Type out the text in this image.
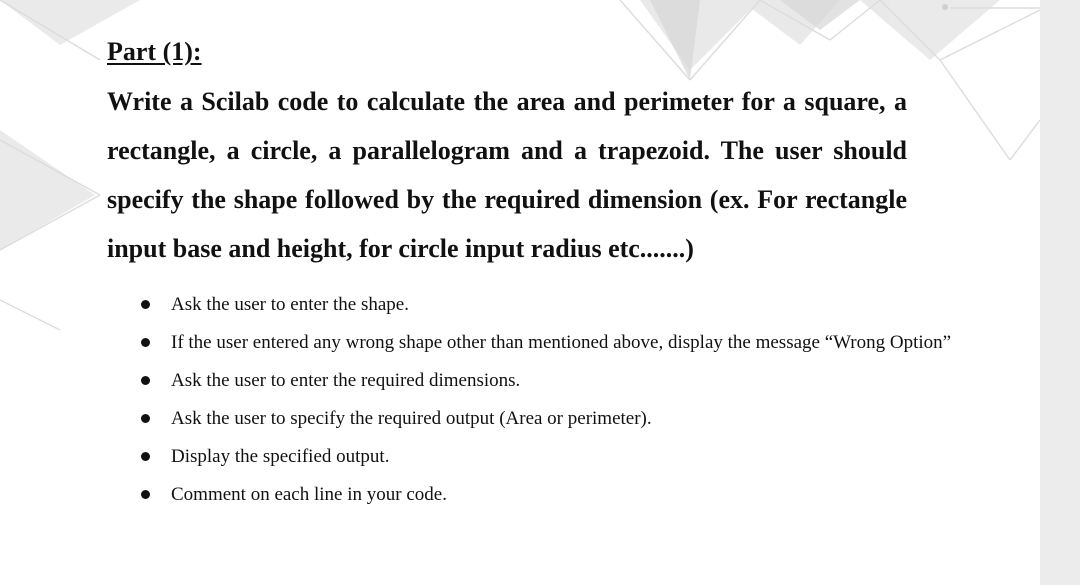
Part (1):

Write a Scilab code to calculate the area and perimeter for a square, a rectangle, a circle, a parallelogram and a trapezoid. The user should specify the shape followed by the required dimension (ex. For rectangle input base and height, for circle input radius etc.......)

Ask the user to enter the shape.
If the user entered any wrong shape other than mentioned above, display the message “Wrong Option”
Ask the user to enter the required dimensions.
Ask the user to specify the required output (Area or perimeter).
Display the specified output.
Comment on each line in your code.
